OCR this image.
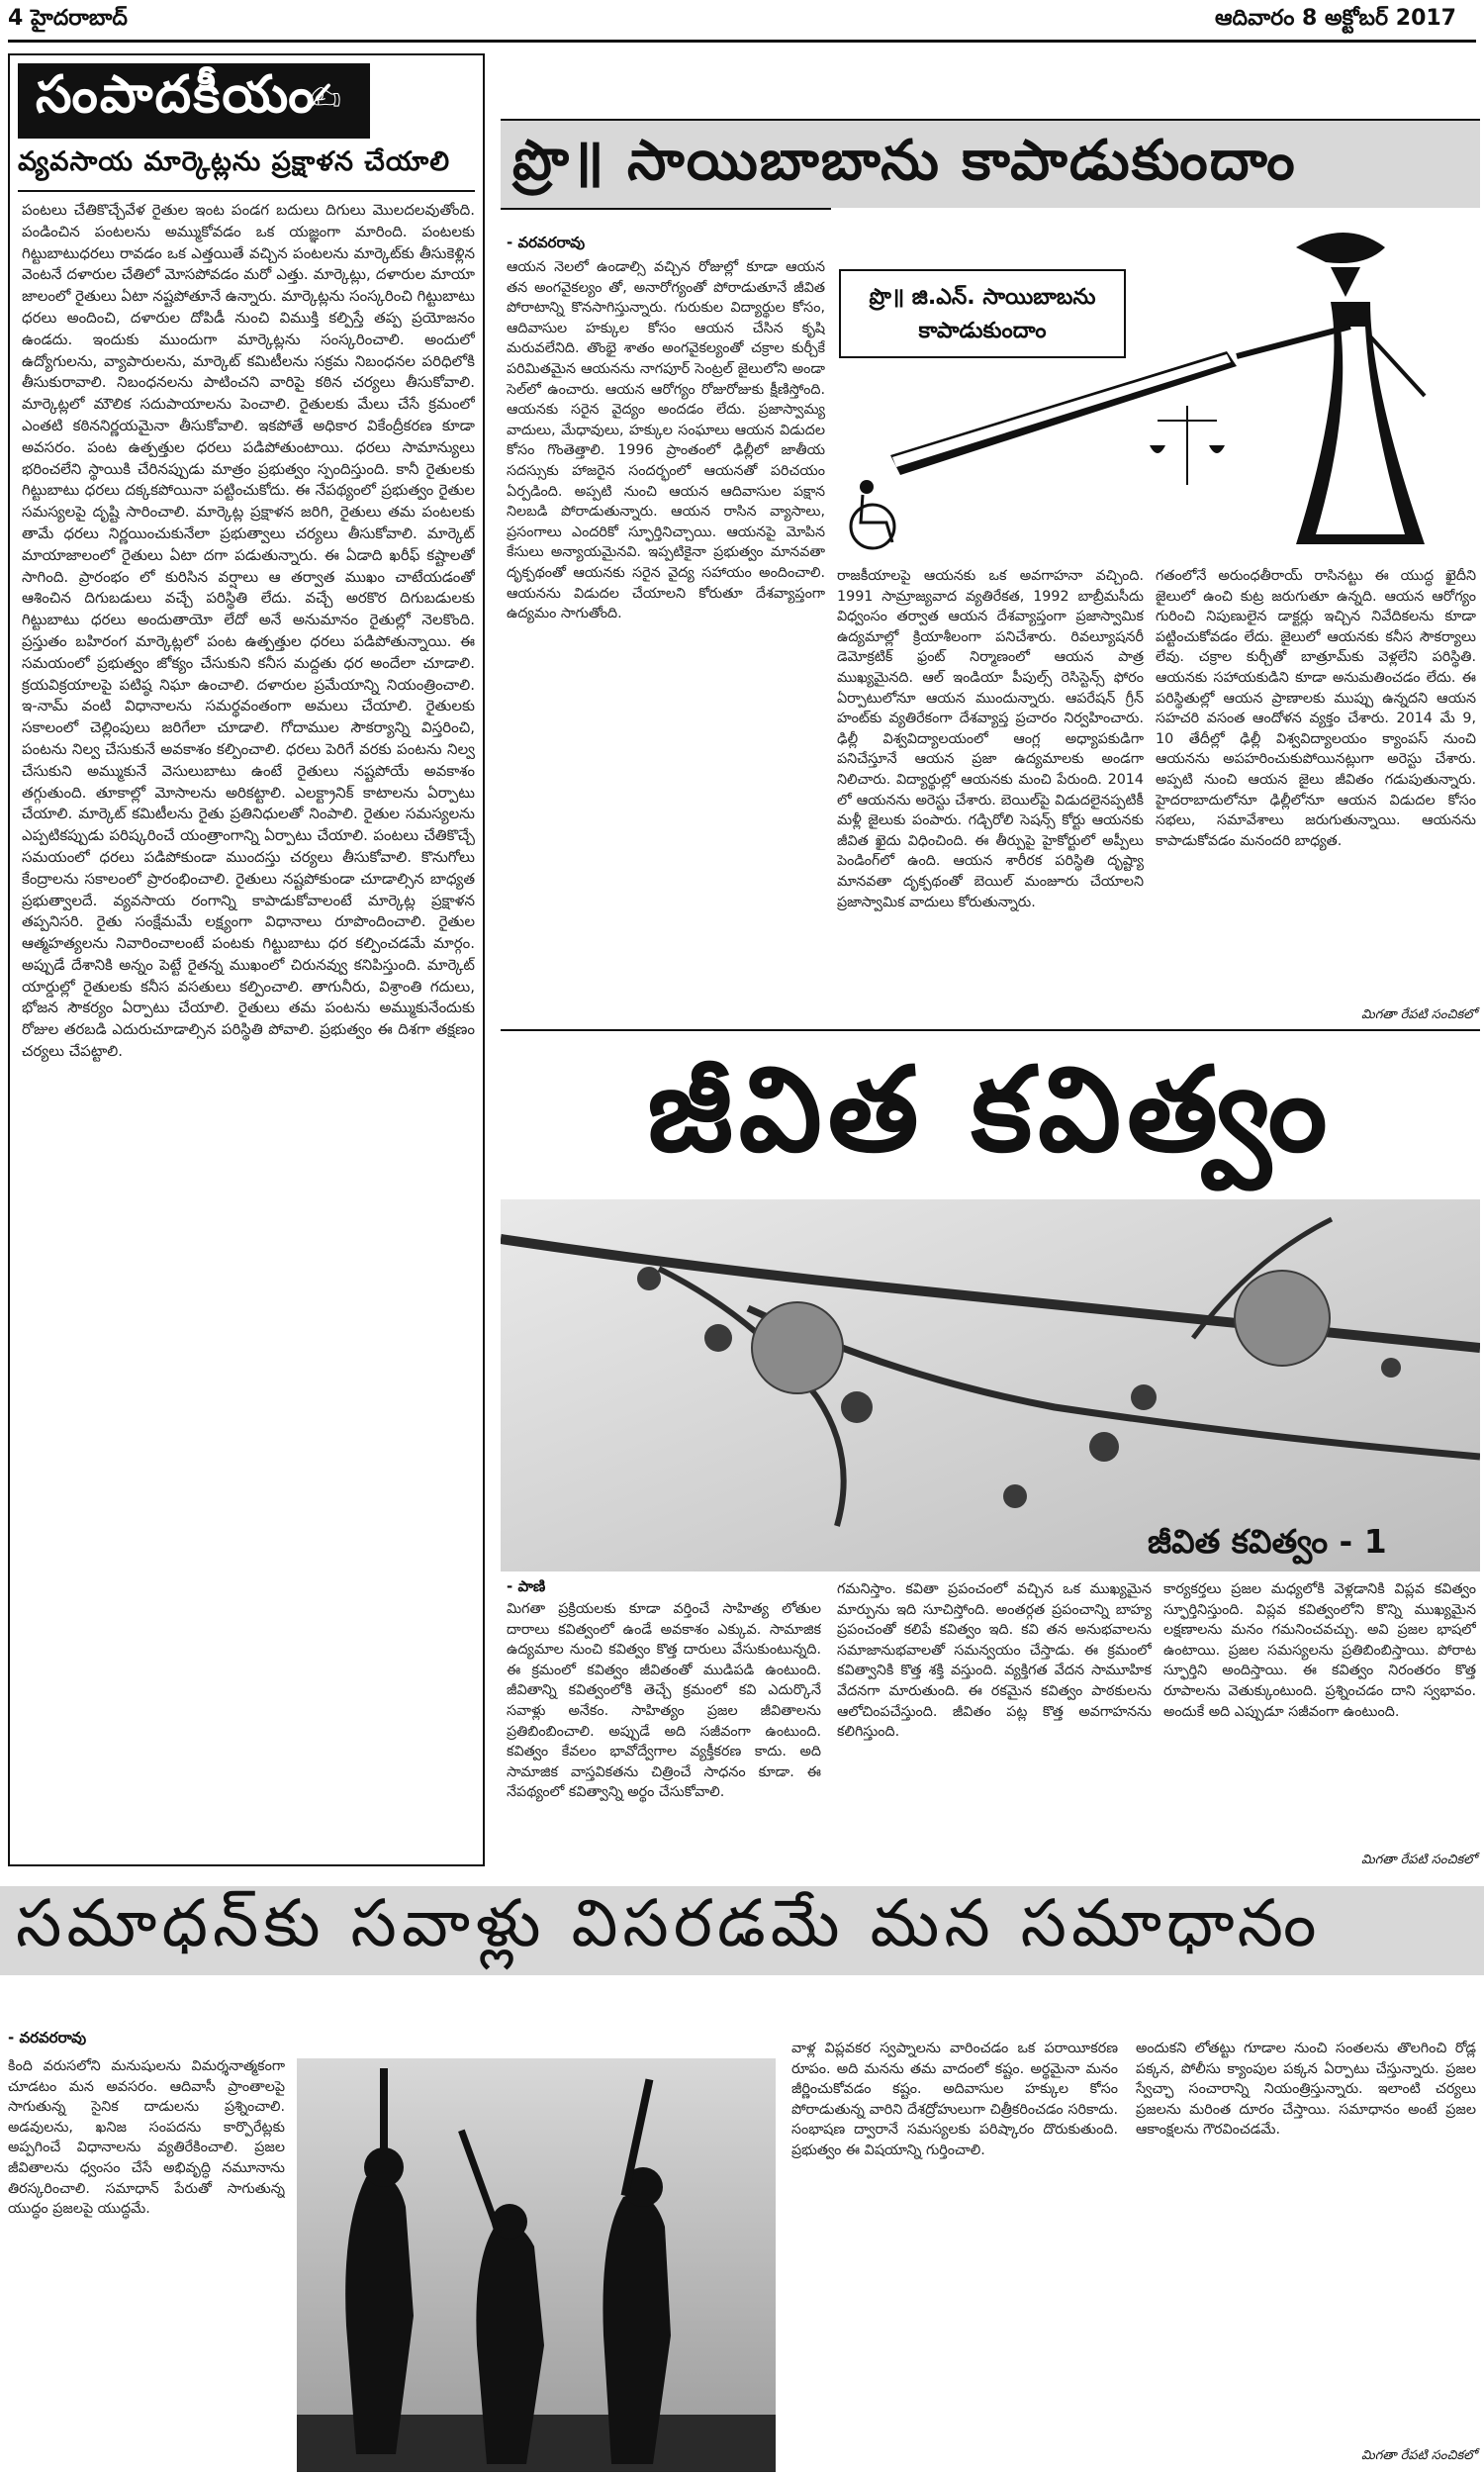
4 హైదరాబాద్	ఆదివారం 8 అక్టోబర్ 2017
సంపాదకీయం
✍
వ్యవసాయ మార్కెట్లను ప్రక్షాళన చేయాలి
పంటలు చేతికొచ్చేవేళ రైతుల ఇంట పండగ బదులు దిగులు మొలదలవుతోంది. పండించిన పంటలను అమ్ముకోవడం ఒక యజ్ఞంగా మారింది. పంటలకు గిట్టుబాటుధరలు రావడం ఒక ఎత్తయితే వచ్చిన పంటలను మార్కెట్‌కు తీసుకెళ్లిన వెంటనే దళారుల చేతిలో మోసపోవడం మరో ఎత్తు. మార్కెట్లు, దళారుల మాయా జాలంలో రైతులు ఏటా నష్టపోతూనే ఉన్నారు. మార్కెట్లను సంస్కరించి గిట్టుబాటు ధరలు అందించి, దళారుల దోపిడీ నుంచి విముక్తి కల్పిస్తే తప్ప ప్రయోజనం ఉండదు. ఇందుకు ముందుగా మార్కెట్లను సంస్కరించాలి. అందులో ఉద్యోగులను, వ్యాపారులను, మార్కెట్ కమిటీలను సక్రమ నిబంధనల పరిధిలోకి తీసుకురావాలి. నిబంధనలను పాటించని వారిపై కఠిన చర్యలు తీసుకోవాలి. మార్కెట్లలో మౌలిక సదుపాయాలను పెంచాలి. రైతులకు మేలు చేసే క్రమంలో ఎంతటి కఠిననిర్ణయమైనా తీసుకోవాలి. ఇకపోతే అధికార వికేంద్రీకరణ కూడా అవసరం. పంట ఉత్పత్తుల ధరలు పడిపోతుంటాయి. ధరలు సామాన్యులు భరించలేని స్థాయికి చేరినప్పుడు మాత్రం ప్రభుత్వం స్పందిస్తుంది. కానీ రైతులకు గిట్టుబాటు ధరలు దక్కకపోయినా పట్టించుకోదు. ఈ నేపథ్యంలో ప్రభుత్వం రైతుల సమస్యలపై దృష్టి సారించాలి. మార్కెట్ల ప్రక్షాళన జరిగి, రైతులు తమ పంటలకు తామే ధరలు నిర్ణయించుకునేలా ప్రభుత్వాలు చర్యలు తీసుకోవాలి. మార్కెట్ మాయాజాలంలో రైతులు ఏటా దగా పడుతున్నారు. ఈ ఏడాది ఖరీఫ్ కష్టాలతో సాగింది. ప్రారంభం లో కురిసిన వర్షాలు ఆ తర్వాత ముఖం చాటేయడంతో ఆశించిన దిగుబడులు వచ్చే పరిస్థితి లేదు. వచ్చే అరకొర దిగుబడులకు గిట్టుబాటు ధరలు అందుతాయో లేదో అనే అనుమానం రైతుల్లో నెలకొంది. ప్రస్తుతం బహిరంగ మార్కెట్లలో పంట ఉత్పత్తుల ధరలు పడిపోతున్నాయి. ఈ సమయంలో ప్రభుత్వం జోక్యం చేసుకుని కనీస మద్దతు ధర అందేలా చూడాలి. క్రయవిక్రయాలపై పటిష్ఠ నిఘా ఉంచాలి. దళారుల ప్రమేయాన్ని నియంత్రించాలి. ఇ-నామ్ వంటి విధానాలను సమర్థవంతంగా అమలు చేయాలి. రైతులకు సకాలంలో చెల్లింపులు జరిగేలా చూడాలి. గోదాముల సౌకర్యాన్ని విస్తరించి, పంటను నిల్వ చేసుకునే అవకాశం కల్పించాలి. ధరలు పెరిగే వరకు పంటను నిల్వ చేసుకుని అమ్ముకునే వెసులుబాటు ఉంటే రైతులు నష్టపోయే అవకాశం తగ్గుతుంది. తూకాల్లో మోసాలను అరికట్టాలి. ఎలక్ట్రానిక్ కాటాలను ఏర్పాటు చేయాలి. మార్కెట్ కమిటీలను రైతు ప్రతినిధులతో నింపాలి. రైతుల సమస్యలను ఎప్పటికప్పుడు పరిష్కరించే యంత్రాంగాన్ని ఏర్పాటు చేయాలి. పంటలు చేతికొచ్చే సమయంలో ధరలు పడిపోకుండా ముందస్తు చర్యలు తీసుకోవాలి. కొనుగోలు కేంద్రాలను సకాలంలో ప్రారంభించాలి. రైతులు నష్టపోకుండా చూడాల్సిన బాధ్యత ప్రభుత్వాలదే. వ్యవసాయ రంగాన్ని కాపాడుకోవాలంటే మార్కెట్ల ప్రక్షాళన తప్పనిసరి. రైతు సంక్షేమమే లక్ష్యంగా విధానాలు రూపొందించాలి. రైతుల ఆత్మహత్యలను నివారించాలంటే పంటకు గిట్టుబాటు ధర కల్పించడమే మార్గం. అప్పుడే దేశానికి అన్నం పెట్టే రైతన్న ముఖంలో చిరునవ్వు కనిపిస్తుంది. మార్కెట్ యార్డుల్లో రైతులకు కనీస వసతులు కల్పించాలి. తాగునీరు, విశ్రాంతి గదులు, భోజన సౌకర్యం ఏర్పాటు చేయాలి. రైతులు తమ పంటను అమ్ముకునేందుకు రోజుల తరబడి ఎదురుచూడాల్సిన పరిస్థితి పోవాలి. ప్రభుత్వం ఈ దిశగా తక్షణం చర్యలు చేపట్టాలి.
ప్రొ॥ సాయిబాబాను కాపాడుకుందాం
- వరవరరావు
ప్రొ॥ జి.ఎన్. సాయిబాబను కాపాడుకుందాం
ఆయన నెలలో ఉండాల్సి వచ్చిన రోజుల్లో కూడా ఆయన తన అంగవైకల్యం తో, అనారోగ్యంతో పోరాడుతూనే జీవిత పోరాటాన్ని కొనసాగిస్తున్నారు. గురుకుల విద్యార్థుల కోసం, ఆదివాసుల హక్కుల కోసం ఆయన చేసిన కృషి మరువలేనిది. తొంభై శాతం అంగవైకల్యంతో చక్రాల కుర్చీకే పరిమితమైన ఆయనను నాగపూర్ సెంట్రల్ జైలులోని అండా సెల్‌లో ఉంచారు. ఆయన ఆరోగ్యం రోజురోజుకు క్షీణిస్తోంది. ఆయనకు సరైన వైద్యం అందడం లేదు. ప్రజాస్వామ్య వాదులు, మేధావులు, హక్కుల సంఘాలు ఆయన విడుదల కోసం గొంతెత్తాలి. 1996 ప్రాంతంలో ఢిల్లీలో జాతీయ సదస్సుకు హాజరైన సందర్భంలో ఆయనతో పరిచయం ఏర్పడింది. అప్పటి నుంచి ఆయన ఆదివాసుల పక్షాన నిలబడి పోరాడుతున్నారు. ఆయన రాసిన వ్యాసాలు, ప్రసంగాలు ఎందరికో స్ఫూర్తినిచ్చాయి. ఆయనపై మోపిన కేసులు అన్యాయమైనవి. ఇప్పటికైనా ప్రభుత్వం మానవతా దృక్పథంతో ఆయనకు సరైన వైద్య సహాయం అందించాలి. ఆయనను విడుదల చేయాలని కోరుతూ దేశవ్యాప్తంగా ఉద్యమం సాగుతోంది.
రాజకీయాలపై ఆయనకు ఒక అవగాహనా వచ్చింది. 1991 సామ్రాజ్యవాద వ్యతిరేకత, 1992 బాబ్రీమసీదు విధ్వంసం తర్వాత ఆయన దేశవ్యాప్తంగా ప్రజాస్వామిక ఉద్యమాల్లో క్రియాశీలంగా పనిచేశారు. రివల్యూషనరీ డెమోక్రటిక్ ఫ్రంట్ నిర్మాణంలో ఆయన పాత్ర ముఖ్యమైనది. ఆల్ ఇండియా పీపుల్స్ రెసిస్టెన్స్ ఫోరం ఏర్పాటులోనూ ఆయన ముందున్నారు. ఆపరేషన్ గ్రీన్ హంట్‌కు వ్యతిరేకంగా దేశవ్యాప్త ప్రచారం నిర్వహించారు. ఢిల్లీ విశ్వవిద్యాలయంలో ఆంగ్ల అధ్యాపకుడిగా పనిచేస్తూనే ఆయన ప్రజా ఉద్యమాలకు అండగా నిలిచారు. విద్యార్థుల్లో ఆయనకు మంచి పేరుంది. 2014 లో ఆయనను అరెస్టు చేశారు. బెయిల్‌పై విడుదలైనప్పటికీ మళ్లీ జైలుకు పంపారు. గడ్చిరోలి సెషన్స్ కోర్టు ఆయనకు జీవిత ఖైదు విధించింది. ఈ తీర్పుపై హైకోర్టులో అప్పీలు పెండింగ్‌లో ఉంది. ఆయన శారీరక పరిస్థితి దృష్ట్యా మానవతా దృక్పథంతో బెయిల్ మంజూరు చేయాలని ప్రజాస్వామిక వాదులు కోరుతున్నారు.
గతంలోనే అరుంధతీరాయ్ రాసినట్టు ఈ యుద్ధ ఖైదీని జైలులో ఉంచి కుట్ర జరుగుతూ ఉన్నది. ఆయన ఆరోగ్యం గురించి నిపుణులైన డాక్టర్లు ఇచ్చిన నివేదికలను కూడా పట్టించుకోవడం లేదు. జైలులో ఆయనకు కనీస సౌకర్యాలు లేవు. చక్రాల కుర్చీతో బాత్రూమ్‌కు వెళ్లలేని పరిస్థితి. ఆయనకు సహాయకుడిని కూడా అనుమతించడం లేదు. ఈ పరిస్థితుల్లో ఆయన ప్రాణాలకు ముప్పు ఉన్నదని ఆయన సహచరి వసంత ఆందోళన వ్యక్తం చేశారు. 2014 మే 9, 10 తేదీల్లో ఢిల్లీ విశ్వవిద్యాలయం క్యాంపస్ నుంచి ఆయనను అపహరించుకుపోయినట్లుగా అరెస్టు చేశారు. అప్పటి నుంచి ఆయన జైలు జీవితం గడుపుతున్నారు. హైదరాబాదులోనూ ఢిల్లీలోనూ ఆయన విడుదల కోసం సభలు, సమావేశాలు జరుగుతున్నాయి. ఆయనను కాపాడుకోవడం మనందరి బాధ్యత.
మిగతా రేపటి సంచికలో
జీవిత కవిత్వం
జీవిత కవిత్వం - 1
- పాణి
మిగతా ప్రక్రియలకు కూడా వర్తించే సాహిత్య లోతుల దారాలు కవిత్వంలో ఉండే అవకాశం ఎక్కువ. సామాజిక ఉద్యమాల నుంచి కవిత్వం కొత్త దారులు వేసుకుంటున్నది. ఈ క్రమంలో కవిత్వం జీవితంతో ముడిపడి ఉంటుంది. జీవితాన్ని కవిత్వంలోకి తెచ్చే క్రమంలో కవి ఎదుర్కొనే సవాళ్లు అనేకం. సాహిత్యం ప్రజల జీవితాలను ప్రతిబింబించాలి. అప్పుడే అది సజీవంగా ఉంటుంది. కవిత్వం కేవలం భావోద్వేగాల వ్యక్తీకరణ కాదు. అది సామాజిక వాస్తవికతను చిత్రించే సాధనం కూడా. ఈ నేపథ్యంలో కవిత్వాన్ని అర్థం చేసుకోవాలి.
గమనిస్తాం. కవితా ప్రపంచంలో వచ్చిన ఒక ముఖ్యమైన మార్పును ఇది సూచిస్తోంది. అంతర్గత ప్రపంచాన్ని బాహ్య ప్రపంచంతో కలిపే కవిత్వం ఇది. కవి తన అనుభవాలను సమాజానుభవాలతో సమన్వయం చేస్తాడు. ఈ క్రమంలో కవిత్వానికి కొత్త శక్తి వస్తుంది. వ్యక్తిగత వేదన సామూహిక వేదనగా మారుతుంది. ఈ రకమైన కవిత్వం పాఠకులను ఆలోచింపచేస్తుంది. జీవితం పట్ల కొత్త అవగాహనను కలిగిస్తుంది.
కార్యకర్తలు ప్రజల మధ్యలోకి వెళ్లడానికి విప్లవ కవిత్వం స్ఫూర్తినిస్తుంది. విప్లవ కవిత్వంలోని కొన్ని ముఖ్యమైన లక్షణాలను మనం గమనించవచ్చు. అవి ప్రజల భాషలో ఉంటాయి. ప్రజల సమస్యలను ప్రతిబింబిస్తాయి. పోరాట స్ఫూర్తిని అందిస్తాయి. ఈ కవిత్వం నిరంతరం కొత్త రూపాలను వెతుక్కుంటుంది. ప్రశ్నించడం దాని స్వభావం. అందుకే అది ఎప్పుడూ సజీవంగా ఉంటుంది.
మిగతా రేపటి సంచికలో
సమాధన్‌కు సవాళ్లు విసరడమే మన సమాధానం
- వరవరరావు
కింది వరుసలోని మనుషులను విమర్శనాత్మకంగా చూడటం మన అవసరం. ఆదివాసీ ప్రాంతాలపై సాగుతున్న సైనిక దాడులను ప్రశ్నించాలి. అడవులను, ఖనిజ సంపదను కార్పొరేట్లకు అప్పగించే విధానాలను వ్యతిరేకించాలి. ప్రజల జీవితాలను ధ్వంసం చేసే అభివృద్ధి నమూనాను తిరస్కరించాలి. సమాధాన్ పేరుతో సాగుతున్న యుద్ధం ప్రజలపై యుద్ధమే.
వాళ్ల విప్లవకర స్వప్నాలను వారించడం ఒక పరాయీకరణ రూపం. అది మనను తమ వాదంలో కష్టం. అర్థమైనా మనం జీర్ణించుకోవడం కష్టం. అదివాసుల హక్కుల కోసం పోరాడుతున్న వారిని దేశద్రోహులుగా చిత్రీకరించడం సరికాదు. సంభాషణ ద్వారానే సమస్యలకు పరిష్కారం దొరుకుతుంది. ప్రభుత్వం ఈ విషయాన్ని గుర్తించాలి.
అందుకని లోతట్టు గూడాల నుంచి సంతలను తొలగించి రోడ్ల పక్కన, పోలీసు క్యాంపుల పక్కన ఏర్పాటు చేస్తున్నారు. ప్రజల స్వేచ్ఛా సంచారాన్ని నియంత్రిస్తున్నారు. ఇలాంటి చర్యలు ప్రజలను మరింత దూరం చేస్తాయి. సమాధానం అంటే ప్రజల ఆకాంక్షలను గౌరవించడమే.
మిగతా రేపటి సంచికలో
